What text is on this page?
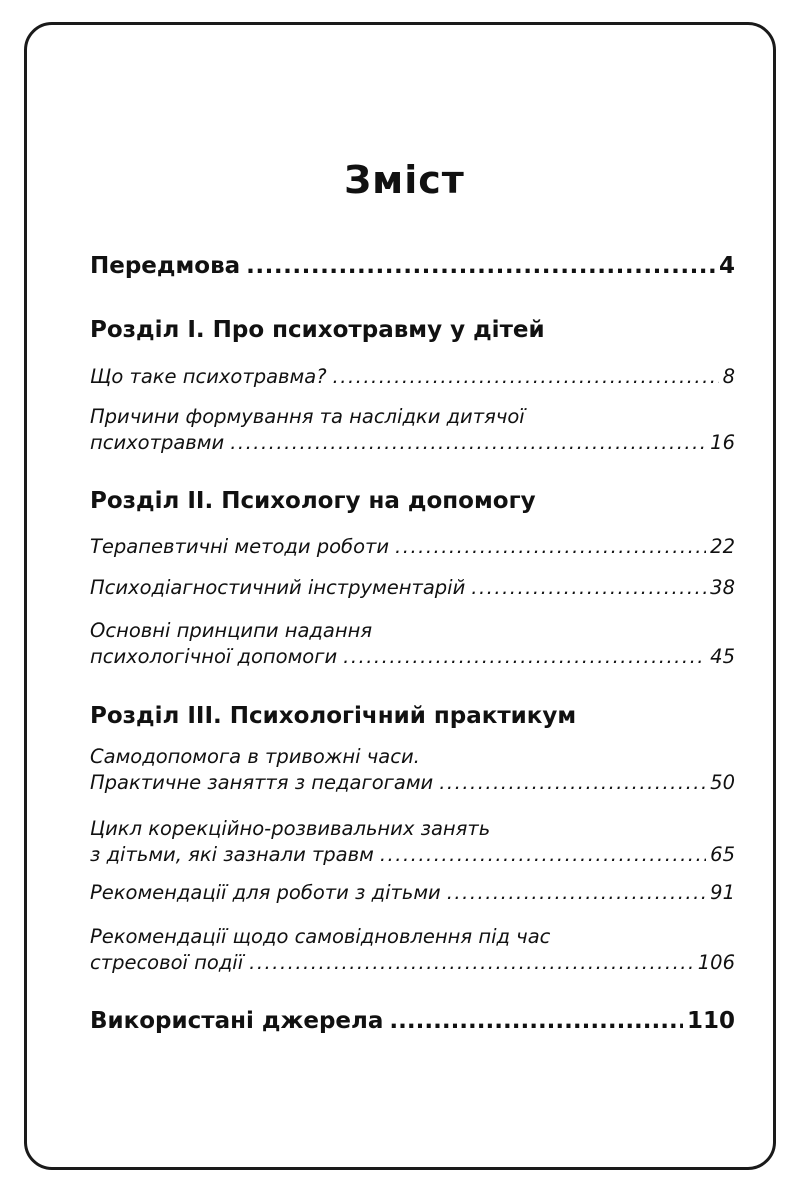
Зміст
Передмова .....	4
Розділ I. Про психотравму у дітей
Що таке психотравма? .....	8
Причини формування та наслідки дитячої
психотравми .....	16
Розділ II. Психологу на допомогу
Терапевтичні методи роботи .....	22
Психодіагностичний інструментарій .....	38
Основні принципи надання
психологічної допомоги .....	45
Розділ III. Психологічний практикум
Самодопомога в тривожні часи.
Практичне заняття з педагогами .....	50
Цикл корекційно-розвивальних занять
з дітьми, які зазнали травм .....	65
Рекомендації для роботи з дітьми .....	91
Рекомендації щодо самовідновлення під час
стресової події .....	106
Використані джерела .....	110
